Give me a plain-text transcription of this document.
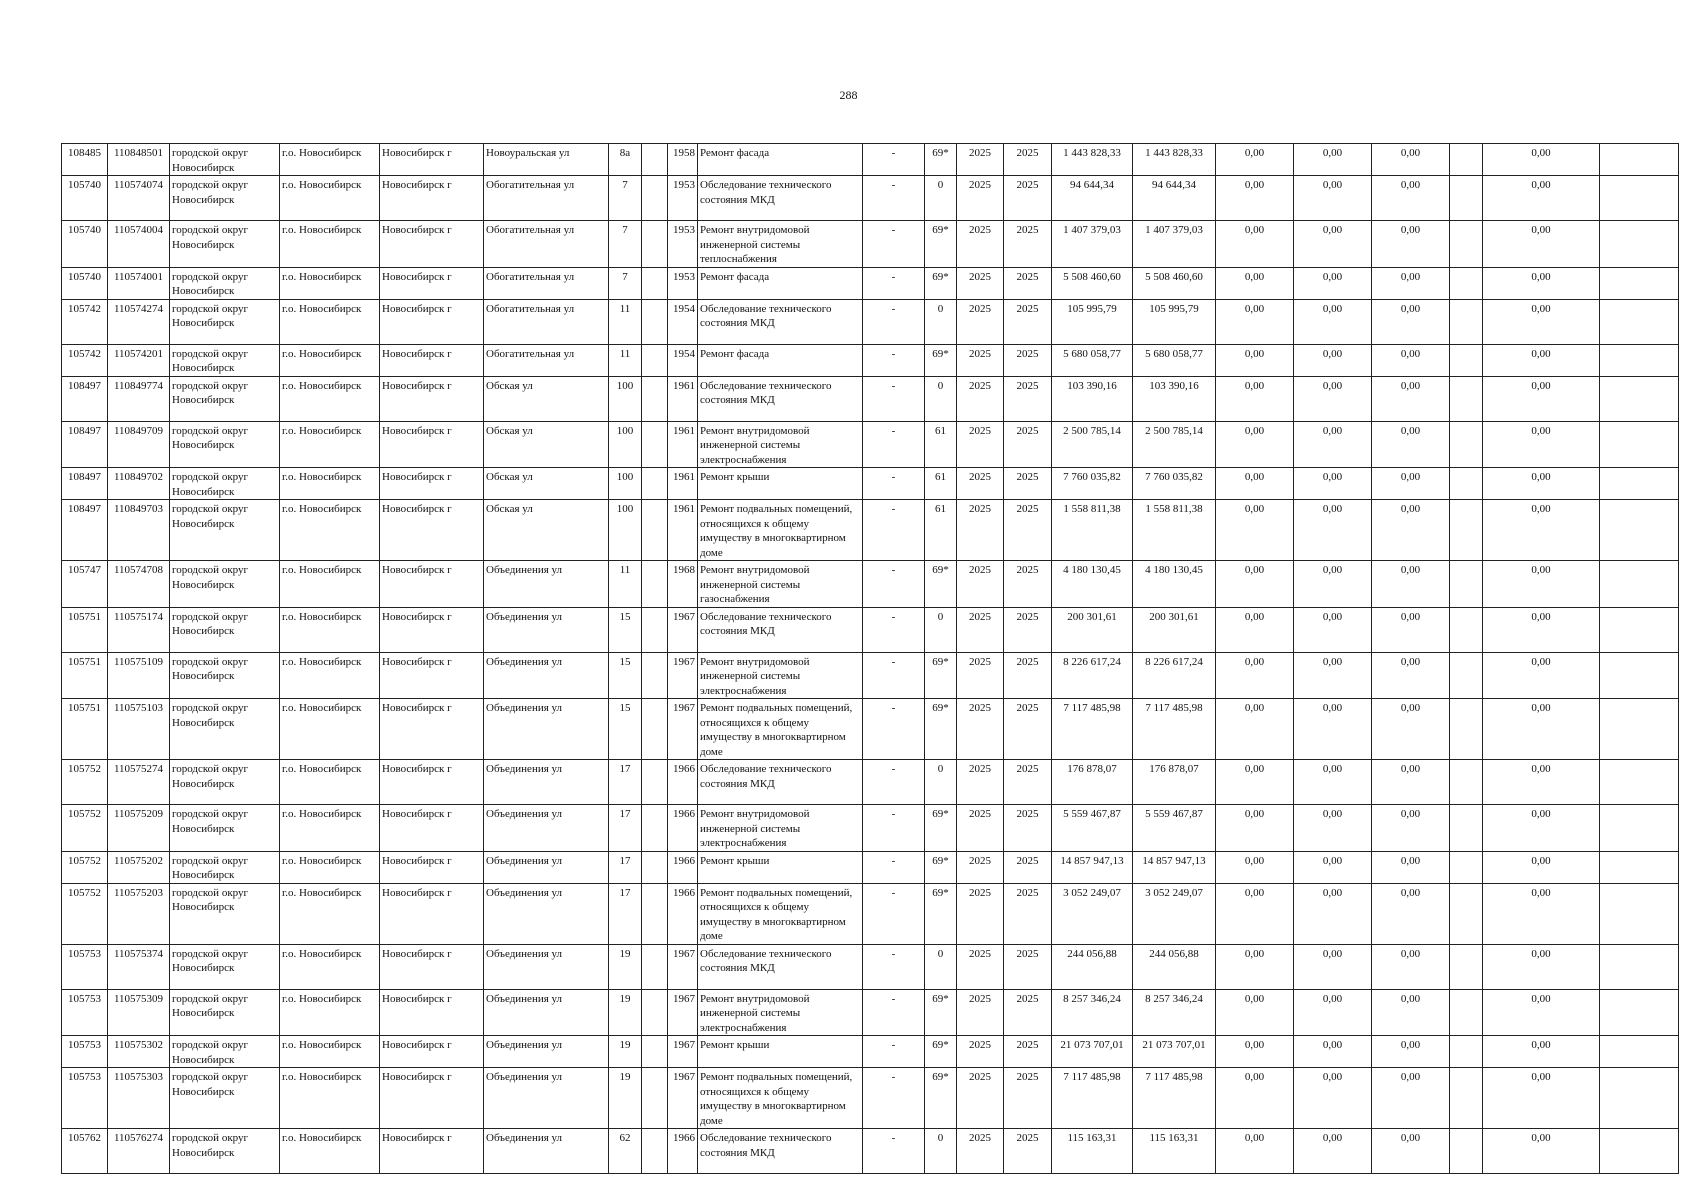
288
108485	110848501	городской округ Новосибирск	г.о. Новосибирск	Новосибирск г	Новоуральская ул	8а		1958	Ремонт фасада	-	69*	2025	2025	1 443 828,33	1 443 828,33	0,00	0,00	0,00		0,00	
105740	110574074	городской округ Новосибирск	г.о. Новосибирск	Новосибирск г	Обогатительная ул	7		1953	Обследование технического состояния МКД	-	0	2025	2025	94 644,34	94 644,34	0,00	0,00	0,00		0,00	
105740	110574004	городской округ Новосибирск	г.о. Новосибирск	Новосибирск г	Обогатительная ул	7		1953	Ремонт внутридомовой инженерной системы теплоснабжения	-	69*	2025	2025	1 407 379,03	1 407 379,03	0,00	0,00	0,00		0,00	
105740	110574001	городской округ Новосибирск	г.о. Новосибирск	Новосибирск г	Обогатительная ул	7		1953	Ремонт фасада	-	69*	2025	2025	5 508 460,60	5 508 460,60	0,00	0,00	0,00		0,00	
105742	110574274	городской округ Новосибирск	г.о. Новосибирск	Новосибирск г	Обогатительная ул	11		1954	Обследование технического состояния МКД	-	0	2025	2025	105 995,79	105 995,79	0,00	0,00	0,00		0,00	
105742	110574201	городской округ Новосибирск	г.о. Новосибирск	Новосибирск г	Обогатительная ул	11		1954	Ремонт фасада	-	69*	2025	2025	5 680 058,77	5 680 058,77	0,00	0,00	0,00		0,00	
108497	110849774	городской округ Новосибирск	г.о. Новосибирск	Новосибирск г	Обская ул	100		1961	Обследование технического состояния МКД	-	0	2025	2025	103 390,16	103 390,16	0,00	0,00	0,00		0,00	
108497	110849709	городской округ Новосибирск	г.о. Новосибирск	Новосибирск г	Обская ул	100		1961	Ремонт внутридомовой инженерной системы электроснабжения	-	61	2025	2025	2 500 785,14	2 500 785,14	0,00	0,00	0,00		0,00	
108497	110849702	городской округ Новосибирск	г.о. Новосибирск	Новосибирск г	Обская ул	100		1961	Ремонт крыши	-	61	2025	2025	7 760 035,82	7 760 035,82	0,00	0,00	0,00		0,00	
108497	110849703	городской округ Новосибирск	г.о. Новосибирск	Новосибирск г	Обская ул	100		1961	Ремонт подвальных помещений, относящихся к общему имуществу в многоквартирном доме	-	61	2025	2025	1 558 811,38	1 558 811,38	0,00	0,00	0,00		0,00	
105747	110574708	городской округ Новосибирск	г.о. Новосибирск	Новосибирск г	Объединения ул	11		1968	Ремонт внутридомовой инженерной системы газоснабжения	-	69*	2025	2025	4 180 130,45	4 180 130,45	0,00	0,00	0,00		0,00	
105751	110575174	городской округ Новосибирск	г.о. Новосибирск	Новосибирск г	Объединения ул	15		1967	Обследование технического состояния МКД	-	0	2025	2025	200 301,61	200 301,61	0,00	0,00	0,00		0,00	
105751	110575109	городской округ Новосибирск	г.о. Новосибирск	Новосибирск г	Объединения ул	15		1967	Ремонт внутридомовой инженерной системы электроснабжения	-	69*	2025	2025	8 226 617,24	8 226 617,24	0,00	0,00	0,00		0,00	
105751	110575103	городской округ Новосибирск	г.о. Новосибирск	Новосибирск г	Объединения ул	15		1967	Ремонт подвальных помещений, относящихся к общему имуществу в многоквартирном доме	-	69*	2025	2025	7 117 485,98	7 117 485,98	0,00	0,00	0,00		0,00	
105752	110575274	городской округ Новосибирск	г.о. Новосибирск	Новосибирск г	Объединения ул	17		1966	Обследование технического состояния МКД	-	0	2025	2025	176 878,07	176 878,07	0,00	0,00	0,00		0,00	
105752	110575209	городской округ Новосибирск	г.о. Новосибирск	Новосибирск г	Объединения ул	17		1966	Ремонт внутридомовой инженерной системы электроснабжения	-	69*	2025	2025	5 559 467,87	5 559 467,87	0,00	0,00	0,00		0,00	
105752	110575202	городской округ Новосибирск	г.о. Новосибирск	Новосибирск г	Объединения ул	17		1966	Ремонт крыши	-	69*	2025	2025	14 857 947,13	14 857 947,13	0,00	0,00	0,00		0,00	
105752	110575203	городской округ Новосибирск	г.о. Новосибирск	Новосибирск г	Объединения ул	17		1966	Ремонт подвальных помещений, относящихся к общему имуществу в многоквартирном доме	-	69*	2025	2025	3 052 249,07	3 052 249,07	0,00	0,00	0,00		0,00	
105753	110575374	городской округ Новосибирск	г.о. Новосибирск	Новосибирск г	Объединения ул	19		1967	Обследование технического состояния МКД	-	0	2025	2025	244 056,88	244 056,88	0,00	0,00	0,00		0,00	
105753	110575309	городской округ Новосибирск	г.о. Новосибирск	Новосибирск г	Объединения ул	19		1967	Ремонт внутридомовой инженерной системы электроснабжения	-	69*	2025	2025	8 257 346,24	8 257 346,24	0,00	0,00	0,00		0,00	
105753	110575302	городской округ Новосибирск	г.о. Новосибирск	Новосибирск г	Объединения ул	19		1967	Ремонт крыши	-	69*	2025	2025	21 073 707,01	21 073 707,01	0,00	0,00	0,00		0,00	
105753	110575303	городской округ Новосибирск	г.о. Новосибирск	Новосибирск г	Объединения ул	19		1967	Ремонт подвальных помещений, относящихся к общему имуществу в многоквартирном доме	-	69*	2025	2025	7 117 485,98	7 117 485,98	0,00	0,00	0,00		0,00	
105762	110576274	городской округ Новосибирск	г.о. Новосибирск	Новосибирск г	Объединения ул	62		1966	Обследование технического состояния МКД	-	0	2025	2025	115 163,31	115 163,31	0,00	0,00	0,00		0,00	
